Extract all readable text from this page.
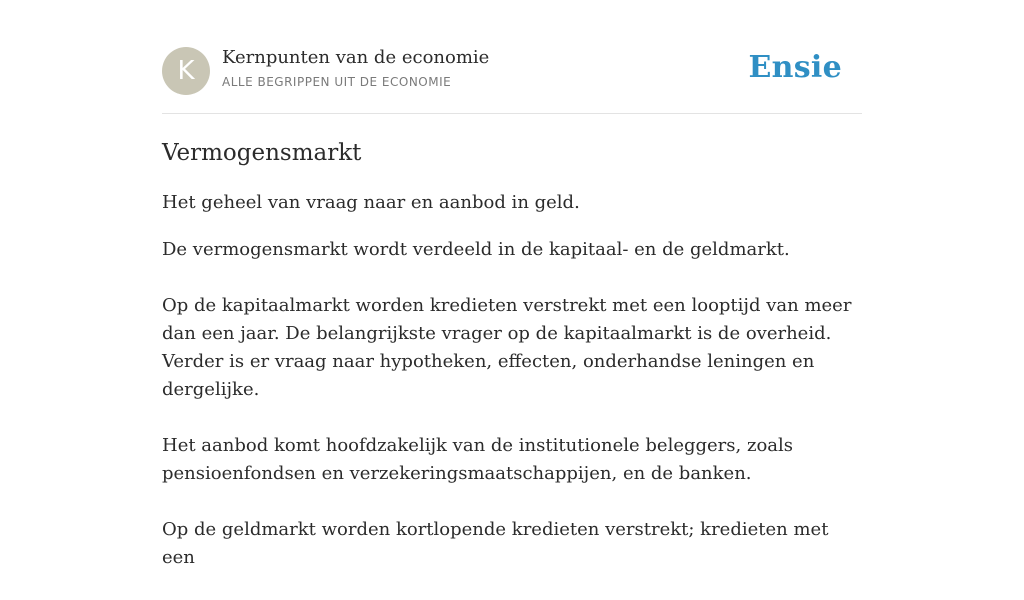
K	Kernpunten van de economie
ALLE BEGRIPPEN UIT DE ECONOMIE	Ensie
Vermogensmarkt

Het geheel van vraag naar en aanbod in geld.

De vermogensmarkt wordt verdeeld in de kapitaal- en de geldmarkt.

Op de kapitaalmarkt worden kredieten verstrekt met een looptijd van meer dan een jaar. De belangrijkste vrager op de kapitaalmarkt is de overheid. Verder is er vraag naar hypotheken, effecten, onderhandse leningen en dergelijke.

Het aanbod komt hoofdzakelijk van de institutionele beleggers, zoals pensioenfondsen en verzekeringsmaatschappijen, en de banken.

Op de geldmarkt worden kortlopende kredieten verstrekt; kredieten met een
